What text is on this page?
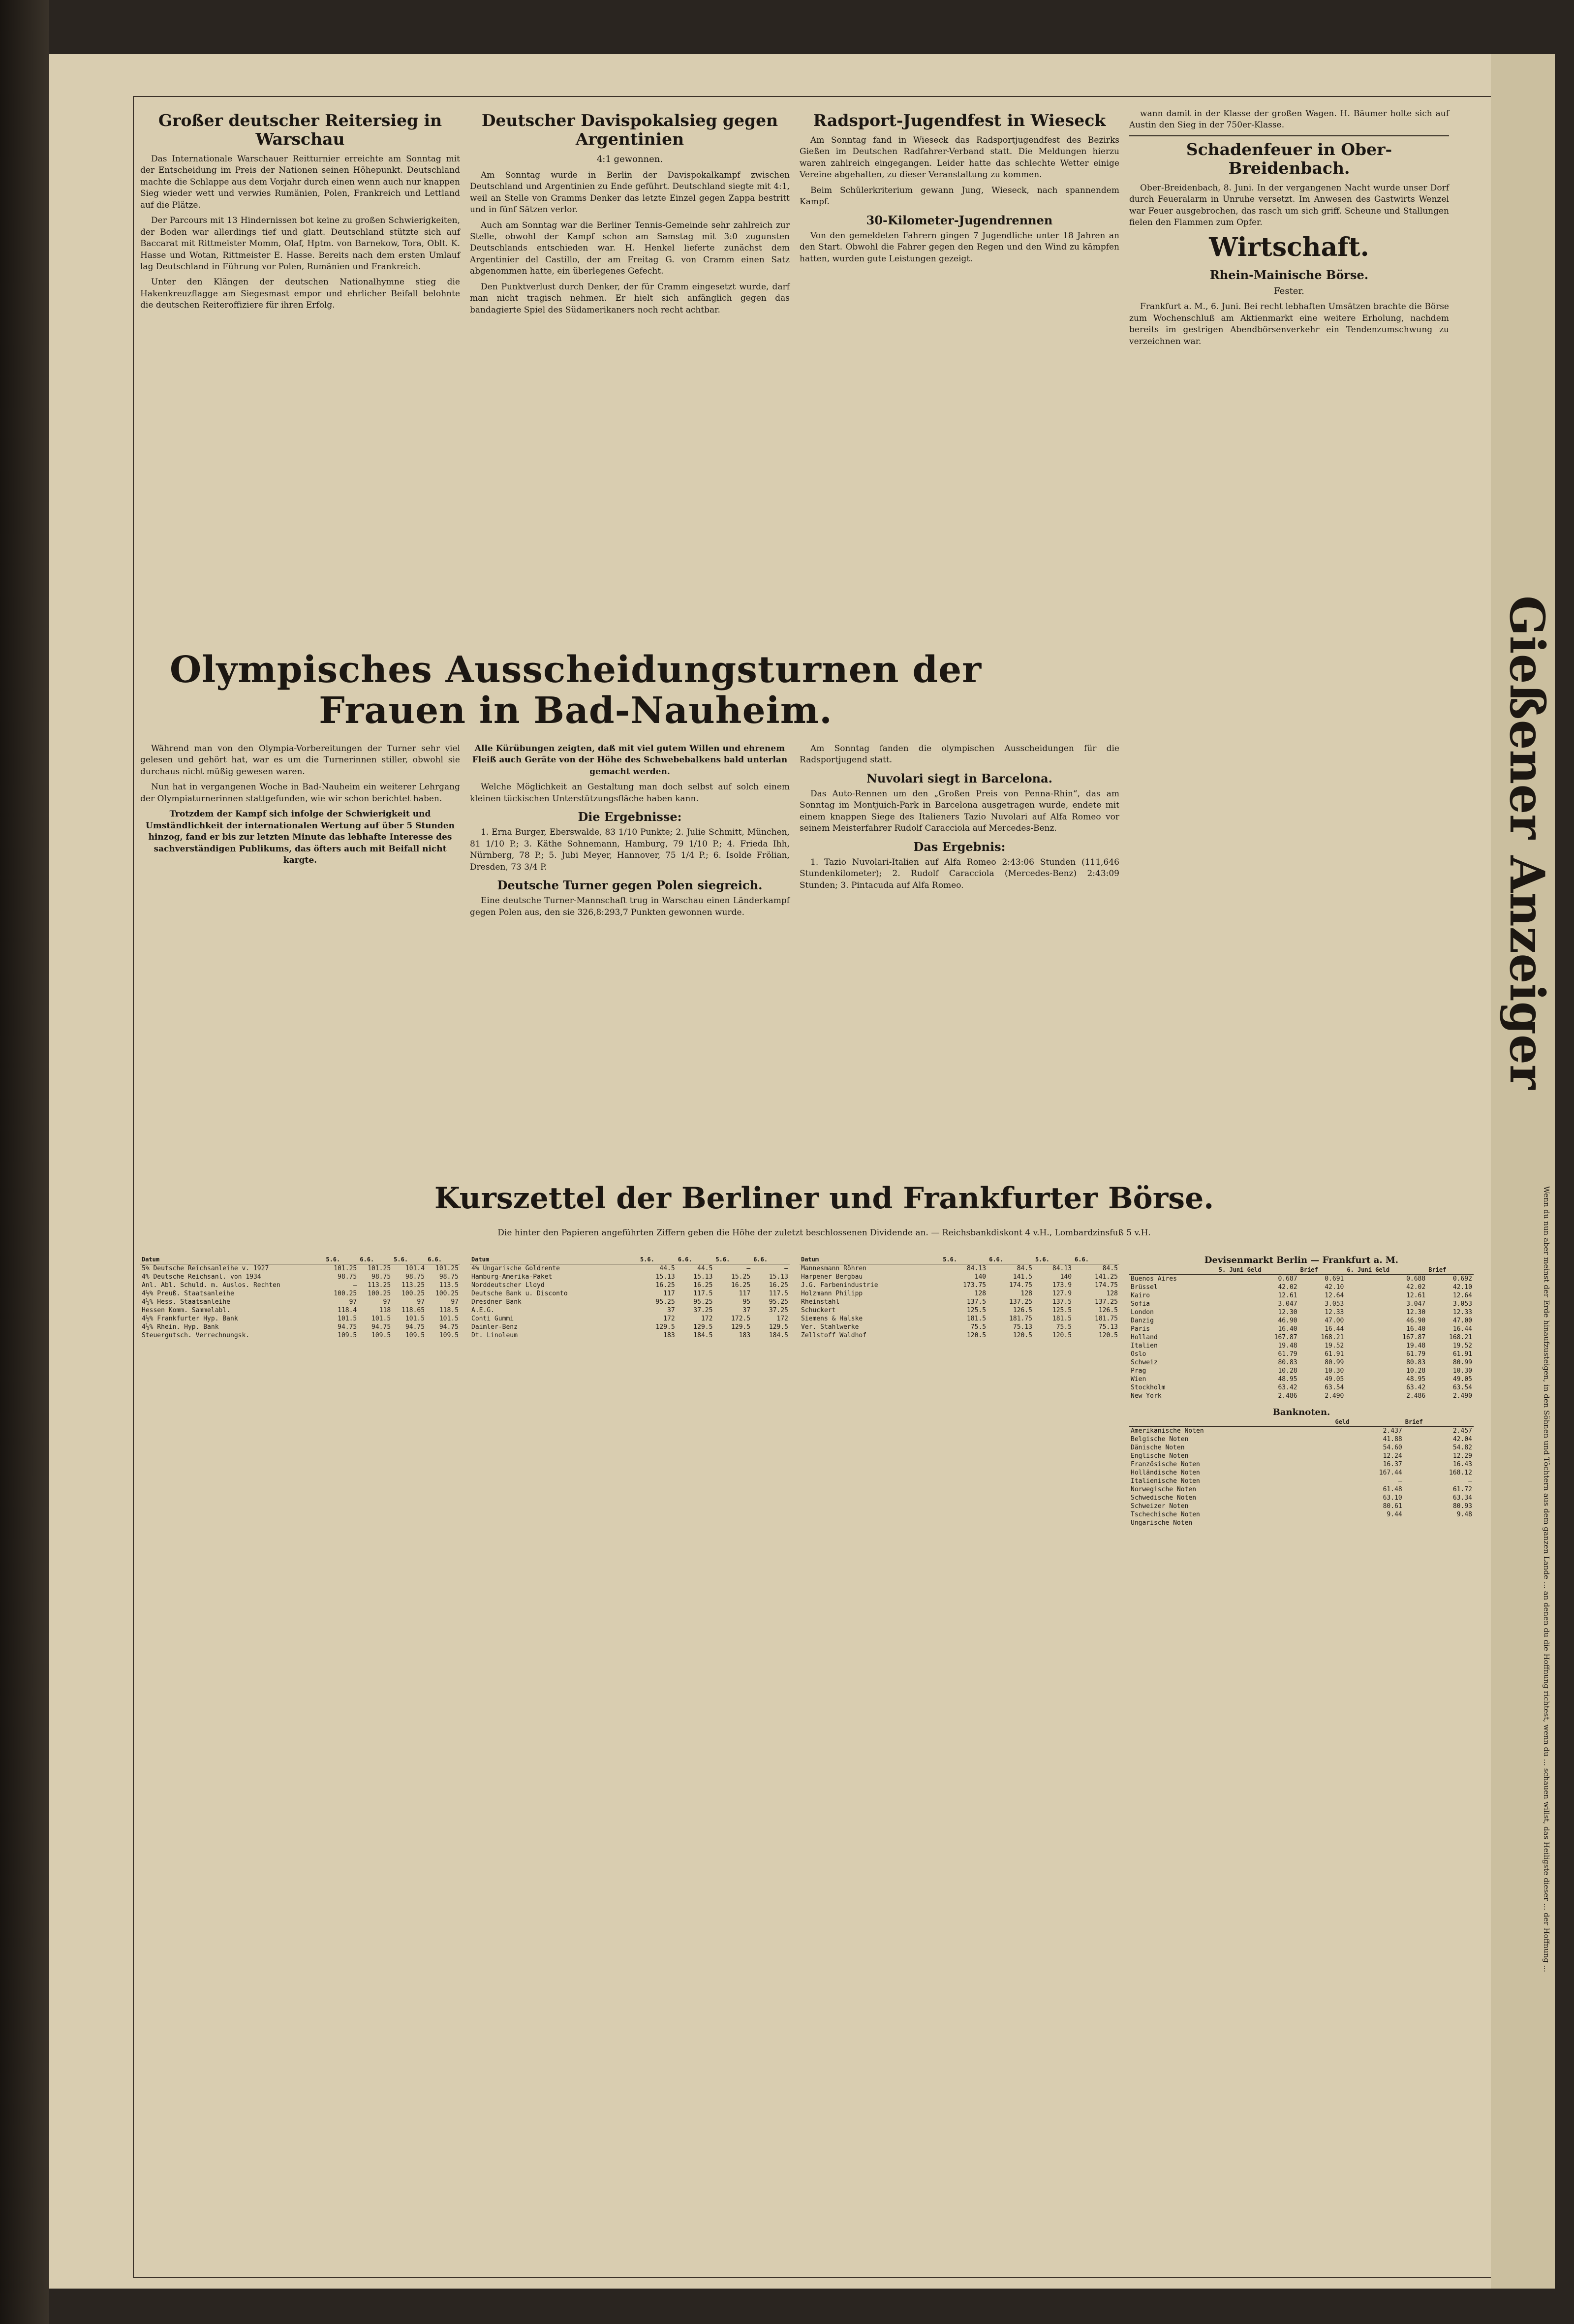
Großer deutscher Reitersieg in Warschau

Das Internationale Warschauer Reitturnier erreichte am Sonntag mit der Entscheidung im Preis der Nationen seinen Höhepunkt. Deutschland machte die Schlappe aus dem Vorjahr durch einen wenn auch nur knappen Sieg wieder wett und verwies Rumänien, Polen, Frankreich und Lettland auf die Plätze.

Der Parcours mit 13 Hindernissen bot keine zu großen Schwierigkeiten, der Boden war allerdings tief und glatt. Deutschland stützte sich auf Baccarat mit Rittmeister Momm, Olaf, Hptm. von Barnekow, Tora, Oblt. K. Hasse und Wotan, Rittmeister E. Hasse. Bereits nach dem ersten Umlauf lag Deutschland in Führung vor Polen, Rumänien und Frankreich.

Unter den Klängen der deutschen Nationalhymne stieg die Hakenkreuzflagge am Siegesmast empor und ehrlicher Beifall belohnte die deutschen Reiteroffiziere für ihren Erfolg.

Deutscher Davispokalsieg gegen Argentinien
4:1 gewonnen.

Am Sonntag wurde in Berlin der Davispokalkampf zwischen Deutschland und Argentinien zu Ende geführt. Deutschland siegte mit 4:1, weil an Stelle von Gramms Denker das letzte Einzel gegen Zappa bestritt und in fünf Sätzen verlor.

Auch am Sonntag war die Berliner Tennis-Gemeinde sehr zahlreich zur Stelle, obwohl der Kampf schon am Samstag mit 3:0 zugunsten Deutschlands entschieden war. H. Henkel lieferte zunächst dem Argentinier del Castillo, der am Freitag G. von Cramm einen Satz abgenommen hatte, ein überlegenes Gefecht.

Den Punktverlust durch Denker, der für Cramm eingesetzt wurde, darf man nicht tragisch nehmen. Er hielt sich anfänglich gegen das bandagierte Spiel des Südamerikaners noch recht achtbar.

Radsport-Jugendfest in Wieseck

Am Sonntag fand in Wieseck das Radsportjugendfest des Bezirks Gießen im Deutschen Radfahrer-Verband statt. Die Meldungen hierzu waren zahlreich eingegangen. Leider hatte das schlechte Wetter einige Vereine abgehalten, zu dieser Veranstaltung zu kommen.

Beim Schülerkriterium gewann Jung, Wieseck, nach spannendem Kampf.

30-Kilometer-Jugendrennen

Von den gemeldeten Fahrern gingen 7 Jugendliche unter 18 Jahren an den Start. Obwohl die Fahrer gegen den Regen und den Wind zu kämpfen hatten, wurden gute Leistungen gezeigt.

wann damit in der Klasse der großen Wagen. H. Bäumer holte sich auf Austin den Sieg in der 750er-Klasse.

Schadenfeuer in Ober-Breidenbach.

Ober-Breidenbach, 8. Juni. In der vergangenen Nacht wurde unser Dorf durch Feueralarm in Unruhe versetzt. Im Anwesen des Gastwirts Wenzel war Feuer ausgebrochen, das rasch um sich griff. Scheune und Stallungen fielen den Flammen zum Opfer.

Wirtschaft.
Rhein-Mainische Börse.
Fester.

Frankfurt a. M., 6. Juni. Bei recht lebhaften Umsätzen brachte die Börse zum Wochenschluß am Aktienmarkt eine weitere Erholung, nachdem bereits im gestrigen Abendbörsenverkehr ein Tendenzumschwung zu verzeichnen war.

Olympisches Ausscheidungsturnen der Frauen in Bad-Nauheim.

Während man von den Olympia-Vorbereitungen der Turner sehr viel gelesen und gehört hat, war es um die Turnerinnen stiller, obwohl sie durchaus nicht müßig gewesen waren.

Nun hat in vergangenen Woche in Bad-Nauheim ein weiterer Lehrgang der Olympiaturnerinnen stattgefunden, wie wir schon berichtet haben.

Trotzdem der Kampf sich infolge der Schwierigkeit und Umständlichkeit der internationalen Wertung auf über 5 Stunden hinzog, fand er bis zur letzten Minute das lebhafte Interesse des sachverständigen Publikums, das öfters auch mit Beifall nicht kargte.

Alle Kürübungen zeigten, daß mit viel gutem Willen und ehrenem Fleiß auch Geräte von der Höhe des Schwebebalkens bald unterlan gemacht werden.

Welche Möglichkeit an Gestaltung man doch selbst auf solch einem kleinen tückischen Unterstützungsfläche haben kann.

Die Ergebnisse:

1. Erna Burger, Eberswalde, 83 1/10 Punkte; 2. Julie Schmitt, München, 81 1/10 P.; 3. Käthe Sohnemann, Hamburg, 79 1/10 P.; 4. Frieda Ihh, Nürnberg, 78 P.; 5. Jubi Meyer, Hannover, 75 1/4 P.; 6. Isolde Frölian, Dresden, 73 3/4 P.

Deutsche Turner gegen Polen siegreich.

Eine deutsche Turner-Mannschaft trug in Warschau einen Länderkampf gegen Polen aus, den sie 326,8:293,7 Punkten gewonnen wurde.

Am Sonntag fanden die olympischen Ausscheidungen für die Radsportjugend statt.

Nuvolari siegt in Barcelona.

Das Auto-Rennen um den „Großen Preis von Penna-Rhin“, das am Sonntag im Montjuich-Park in Barcelona ausgetragen wurde, endete mit einem knappen Siege des Italieners Tazio Nuvolari auf Alfa Romeo vor seinem Meisterfahrer Rudolf Caracciola auf Mercedes-Benz.

Das Ergebnis:

1. Tazio Nuvolari-Italien auf Alfa Romeo 2:43:06 Stunden (111,646 Stundenkilometer); 2. Rudolf Caracciola (Mercedes-Benz) 2:43:09 Stunden; 3. Pintacuda auf Alfa Romeo.	Gießener Anzeiger
Wenn du nun aber meinst der Erde hinaufzusteigen, in den Söhnen und Töchtern aus dem ganzen Lande ... an denen du die Hoffnung richtest, wenn du ... schauen willst, das Heiligste dieser ... der Hoffnung ...
Kurszettel der Berliner und Frankfurter Börse.
Die hinter den Papieren angeführten Ziffern geben die Höhe der zuletzt beschlossenen Dividende an. — Reichsbankdiskont 4 v.H., Lombardzinsfuß 5 v.H.
Datum	5.6.	6.6.	5.6.	6.6.
5% Deutsche Reichsanleihe v. 1927	101.25	101.25	101.4	101.25
4% Deutsche Reichsanl. von 1934	98.75	98.75	98.75	98.75
Anl. Abl. Schuld. m. Auslos. Rechten	—	113.25	113.25	113.5
4½% Preuß. Staatsanleihe	100.25	100.25	100.25	100.25
4½% Hess. Staatsanleihe	97	97	97	97
Hessen Komm. Sammelabl.	118.4	118	118.65	118.5
4½% Frankfurter Hyp. Bank	101.5	101.5	101.5	101.5
4½% Rhein. Hyp. Bank	94.75	94.75	94.75	94.75
Steuergutsch. Verrechnungsk.	109.5	109.5	109.5	109.5
Datum	5.6.	6.6.	5.6.	6.6.
4% Ungarische Goldrente	44.5	44.5	—	—
Hamburg-Amerika-Paket	15.13	15.13	15.25	15.13
Norddeutscher Lloyd	16.25	16.25	16.25	16.25
Deutsche Bank u. Disconto	117	117.5	117	117.5
Dresdner Bank	95.25	95.25	95	95.25
A.E.G.	37	37.25	37	37.25
Conti Gummi	172	172	172.5	172
Daimler-Benz	129.5	129.5	129.5	129.5
Dt. Linoleum	183	184.5	183	184.5
Datum	5.6.	6.6.	5.6.	6.6.
Mannesmann Röhren	84.13	84.5	84.13	84.5
Harpener Bergbau	140	141.5	140	141.25
J.G. Farbenindustrie	173.75	174.75	173.9	174.75
Holzmann Philipp	128	128	127.9	128
Rheinstahl	137.5	137.25	137.5	137.25
Schuckert	125.5	126.5	125.5	126.5
Siemens & Halske	181.5	181.75	181.5	181.75
Ver. Stahlwerke	75.5	75.13	75.5	75.13
Zellstoff Waldhof	120.5	120.5	120.5	120.5
Devisenmarkt Berlin — Frankfurt a. M.
	5. Juni Geld	Brief	6. Juni Geld	Brief
Buenos Aires	0.687	0.691	0.688	0.692
Brüssel	42.02	42.10	42.02	42.10
Kairo	12.61	12.64	12.61	12.64
Sofia	3.047	3.053	3.047	3.053
London	12.30	12.33	12.30	12.33
Danzig	46.90	47.00	46.90	47.00
Paris	16.40	16.44	16.40	16.44
Holland	167.87	168.21	167.87	168.21
Italien	19.48	19.52	19.48	19.52
Oslo	61.79	61.91	61.79	61.91
Schweiz	80.83	80.99	80.83	80.99
Prag	10.28	10.30	10.28	10.30
Wien	48.95	49.05	48.95	49.05
Stockholm	63.42	63.54	63.42	63.54
New York	2.486	2.490	2.486	2.490
Banknoten.
	Geld	Brief
Amerikanische Noten	2.437	2.457
Belgische Noten	41.88	42.04
Dänische Noten	54.60	54.82
Englische Noten	12.24	12.29
Französische Noten	16.37	16.43
Holländische Noten	167.44	168.12
Italienische Noten	—	—
Norwegische Noten	61.48	61.72
Schwedische Noten	63.10	63.34
Schweizer Noten	80.61	80.93
Tschechische Noten	9.44	9.48
Ungarische Noten	—	—
